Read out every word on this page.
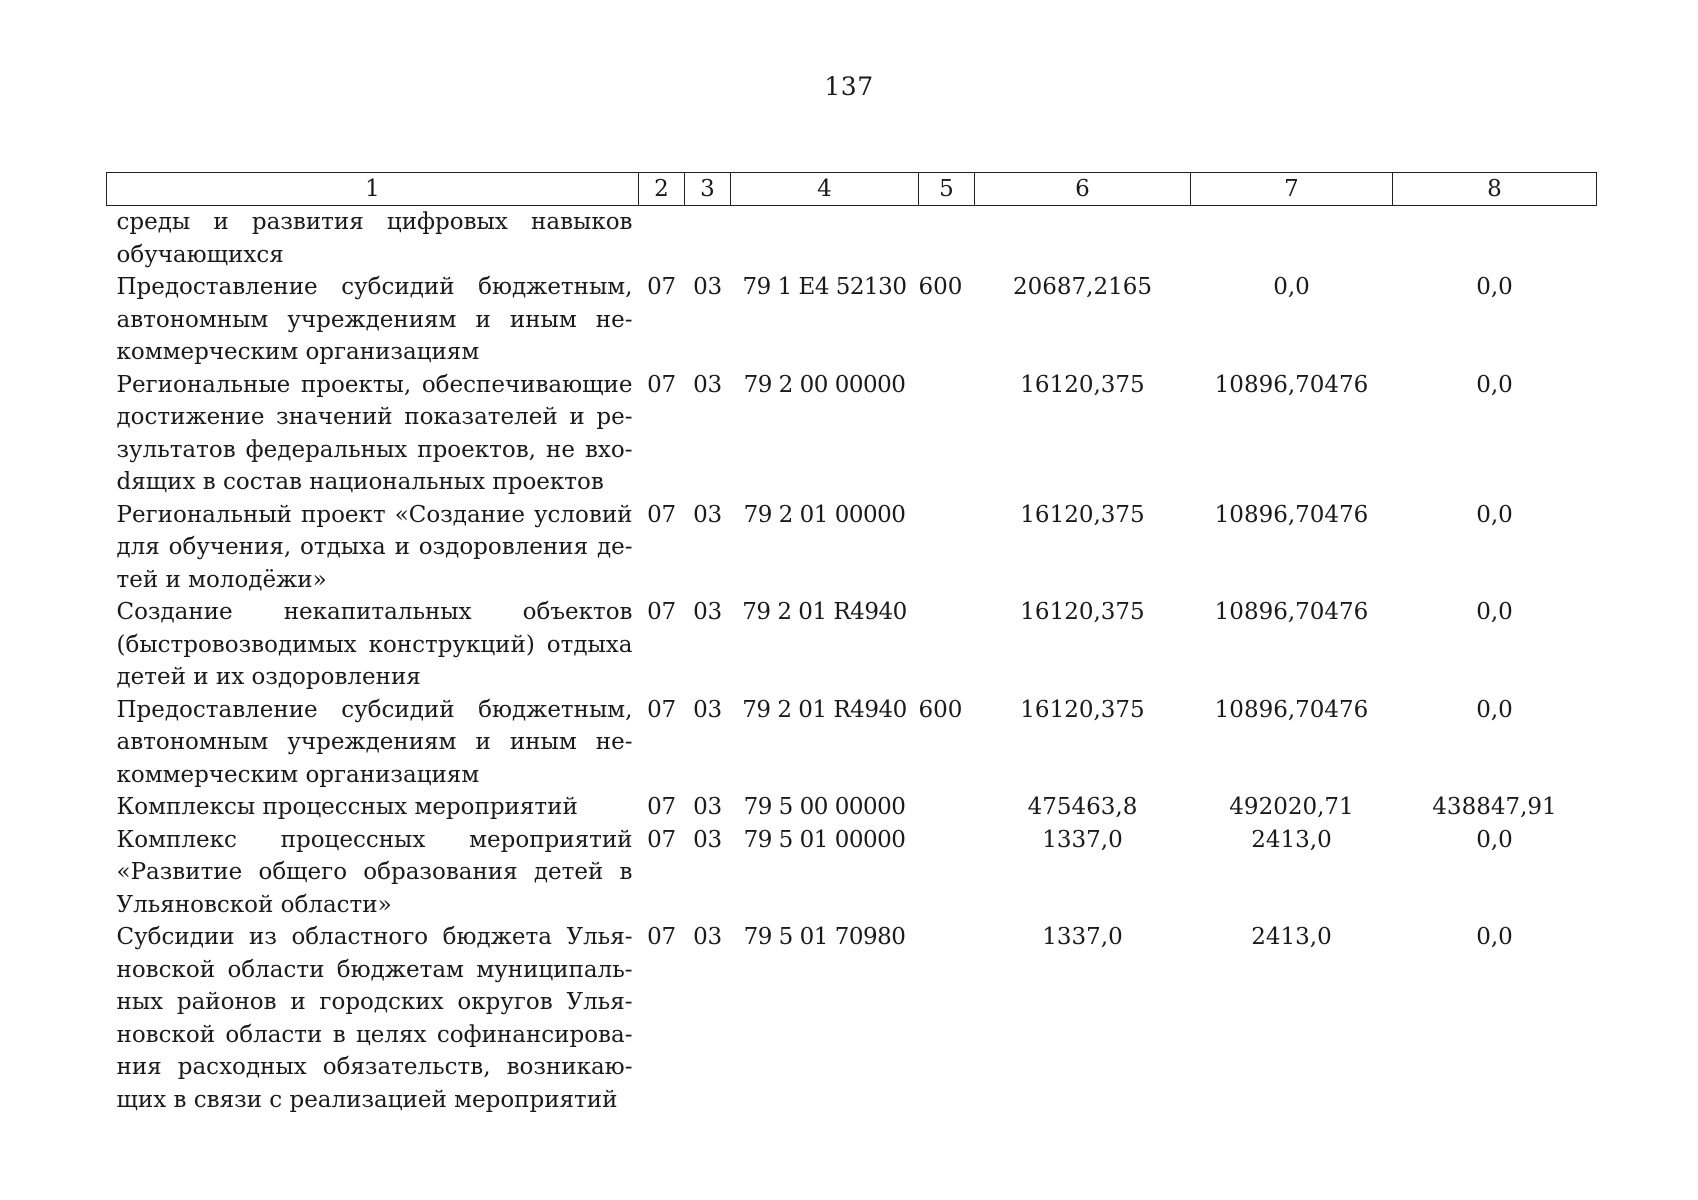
137
1	2	3	4	5	6	7	8
среды и развития цифровых навыков обучающихся							
Предоставление субсидий бюджетным, автономным учреждениям и иным некоммерческим организациям	07	03	79 1 Е4 52130	600	20687,2165	0,0	0,0
Региональные проекты, обеспечивающие достижение значений показателей и результатов федеральных проектов, не вхоdящих в состав национальных проектов	07	03	79 2 00 00000		16120,375	10896,70476	0,0
Региональный проект «Создание условий для обучения, отдыха и оздоровления детей и молодёжи»	07	03	79 2 01 00000		16120,375	10896,70476	0,0
Создание некапитальных объектов (быстровозводимых конструкций) отдыха детей и их оздоровления	07	03	79 2 01 R4940		16120,375	10896,70476	0,0
Предоставление субсидий бюджетным, автономным учреждениям и иным некоммерческим организациям	07	03	79 2 01 R4940	600	16120,375	10896,70476	0,0
Комплексы процессных мероприятий	07	03	79 5 00 00000		475463,8	492020,71	438847,91
Комплекс процессных мероприятий «Развитие общего образования детей в Ульяновской области»	07	03	79 5 01 00000		1337,0	2413,0	0,0
Субсидии из областного бюджета Ульяновской области бюджетам муниципальных районов и городских округов Ульяновской области в целях софинансирования расходных обязательств, возникающих в связи с реализацией мероприятий	07	03	79 5 01 70980		1337,0	2413,0	0,0
